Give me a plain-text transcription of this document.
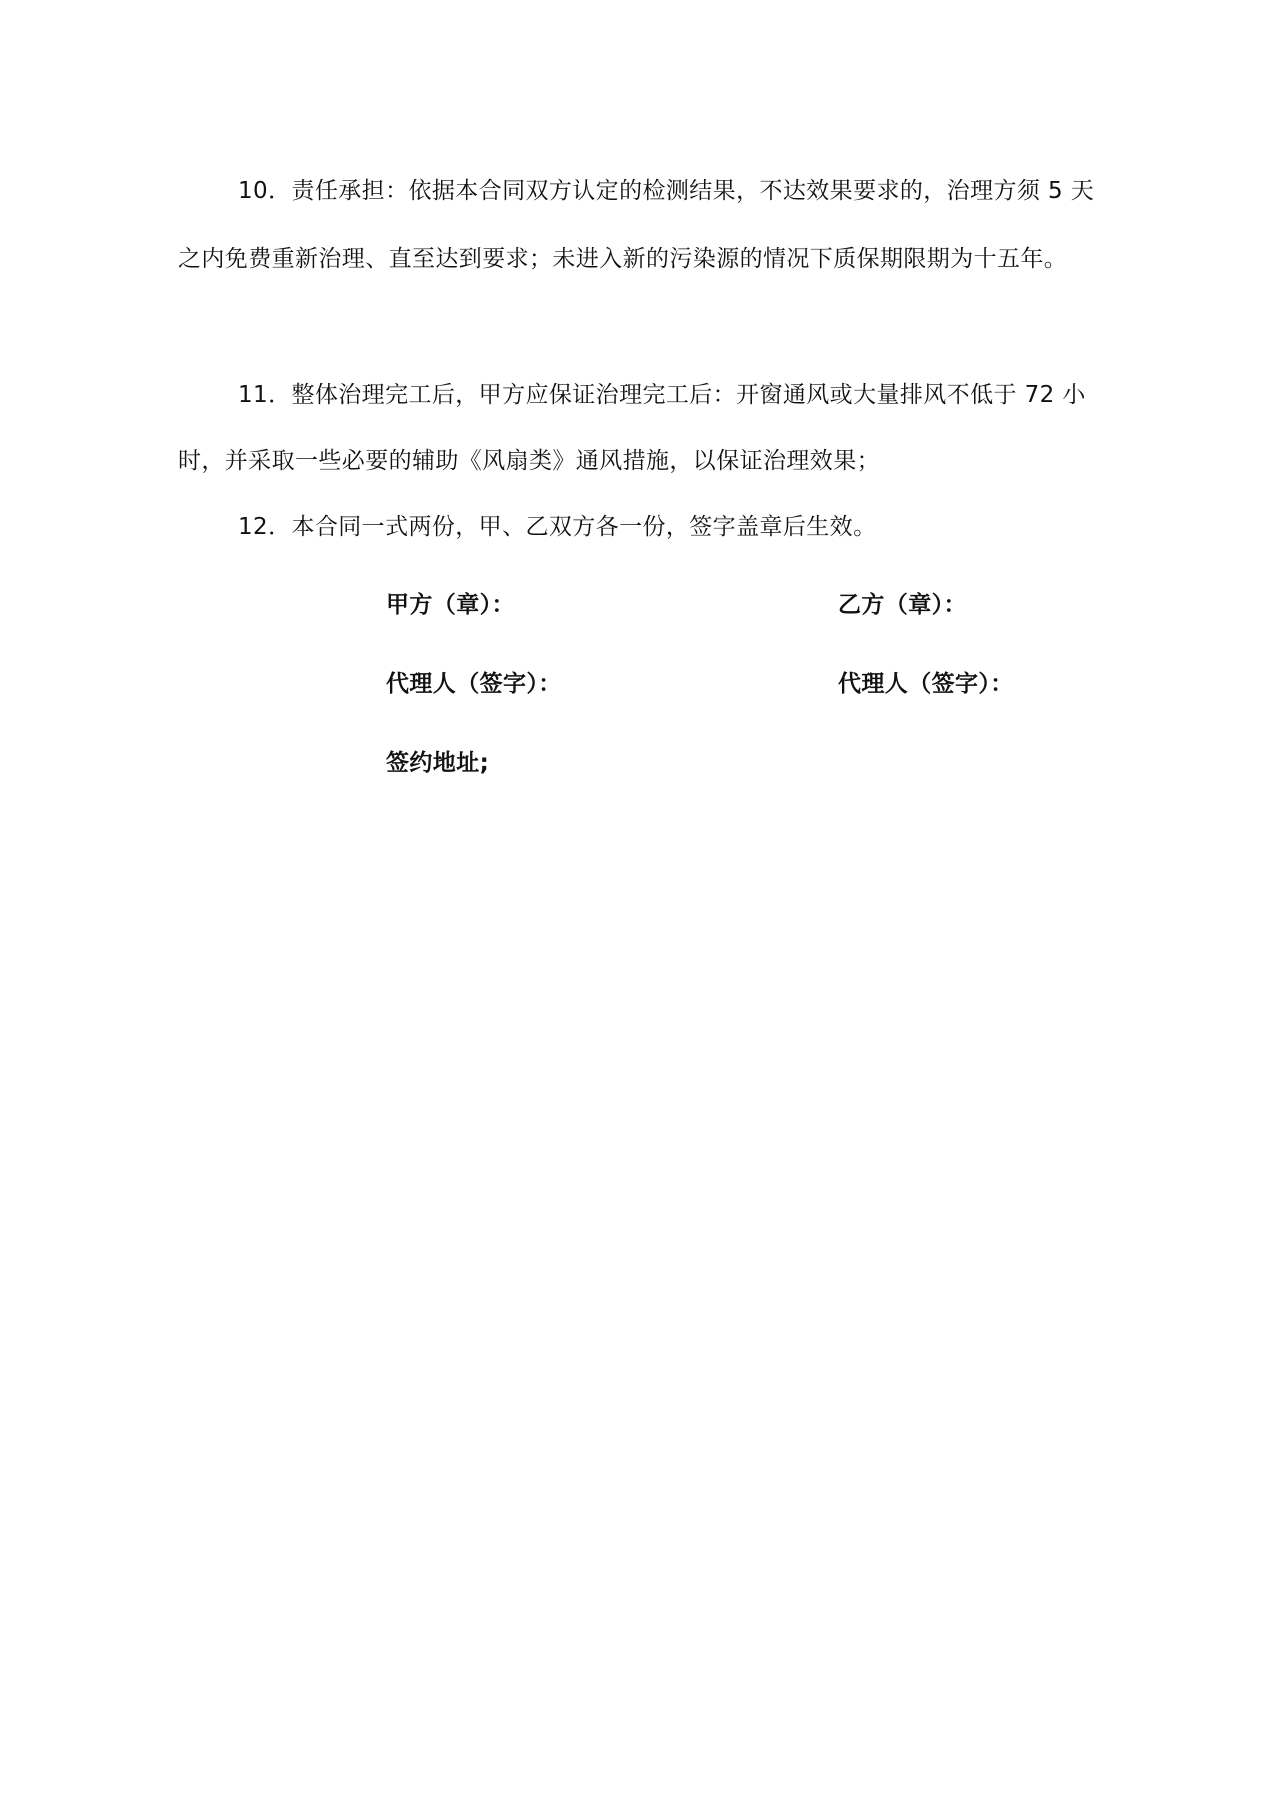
10．责任承担：依据本合同双方认定的检测结果，不达效果要求的，治理方须 5 天
之内免费重新治理、直至达到要求；未进入新的污染源的情况下质保期限期为十五年。
11．整体治理完工后，甲方应保证治理完工后：开窗通风或大量排风不低于 72 小
时，并采取一些必要的辅助《风扇类》通风措施，以保证治理效果；
12．本合同一式两份，甲、乙双方各一份，签字盖章后生效。
甲方（章）：	乙方（章）：
代理人（签字）：	代理人（签字）：
签约地址;
